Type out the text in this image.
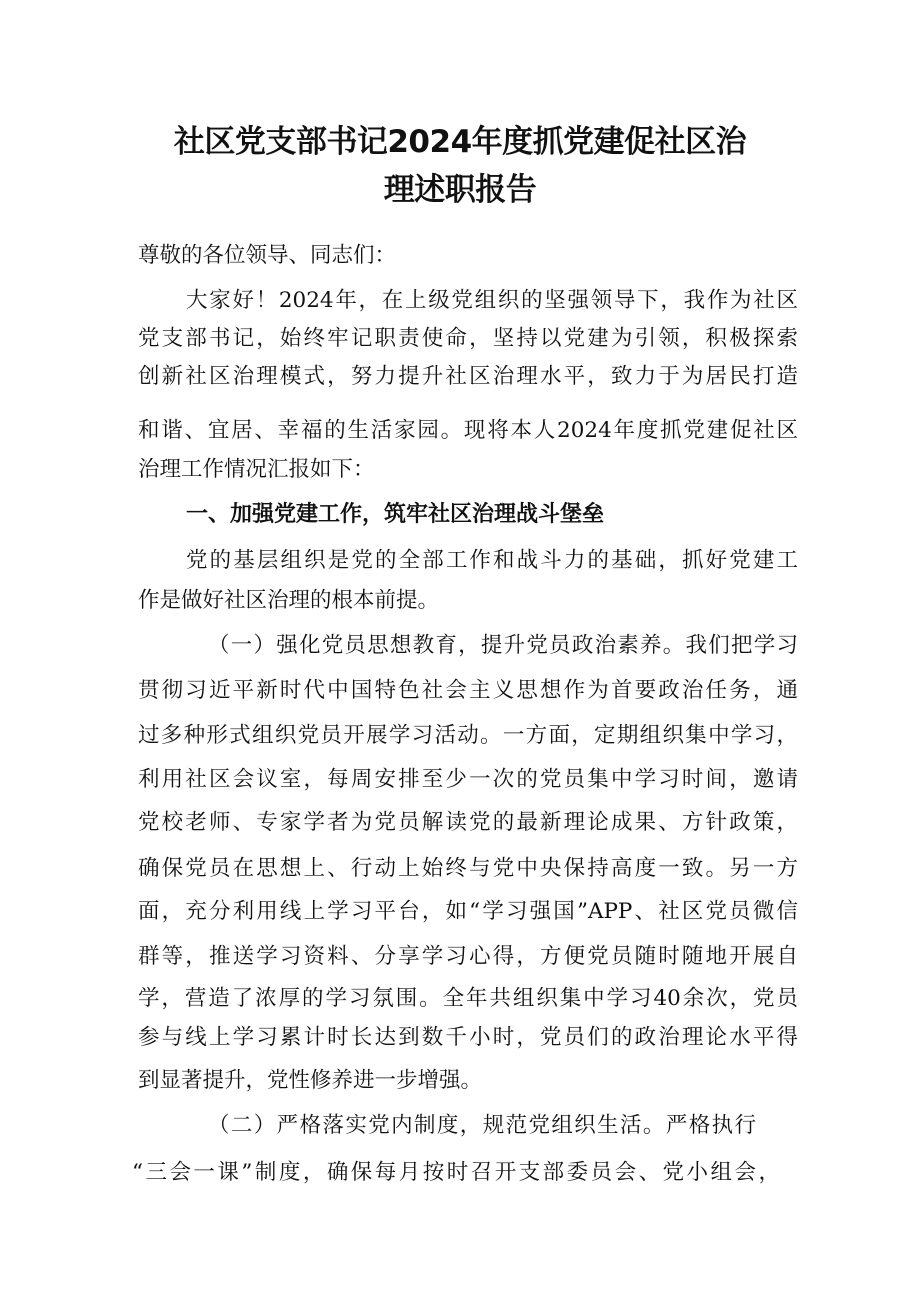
社区党支部书记2024年度抓党建促社区治
理述职报告

尊敬的各位领导、同志们：

大家好！2024年，在上级党组织的坚强领导下，我作为社区

党支部书记，始终牢记职责使命，坚持以党建为引领，积极探索

创新社区治理模式，努力提升社区治理水平，致力于为居民打造

和谐、宜居、幸福的生活家园。现将本人2024年度抓党建促社区

治理工作情况汇报如下：

一、加强党建工作，筑牢社区治理战斗堡垒

党的基层组织是党的全部工作和战斗力的基础，抓好党建工

作是做好社区治理的根本前提。

（一）强化党员思想教育，提升党员政治素养。我们把学习

贯彻习近平新时代中国特色社会主义思想作为首要政治任务，通

过多种形式组织党员开展学习活动。一方面，定期组织集中学习，

利用社区会议室，每周安排至少一次的党员集中学习时间，邀请

党校老师、专家学者为党员解读党的最新理论成果、方针政策，

确保党员在思想上、行动上始终与党中央保持高度一致。另一方

面，充分利用线上学习平台，如“学习强国”APP、社区党员微信

群等，推送学习资料、分享学习心得，方便党员随时随地开展自

学，营造了浓厚的学习氛围。全年共组织集中学习40余次，党员

参与线上学习累计时长达到数千小时，党员们的政治理论水平得

到显著提升，党性修养进一步增强。

（二）严格落实党内制度，规范党组织生活。严格执行

“三会一课”制度，确保每月按时召开支部委员会、党小组会，
